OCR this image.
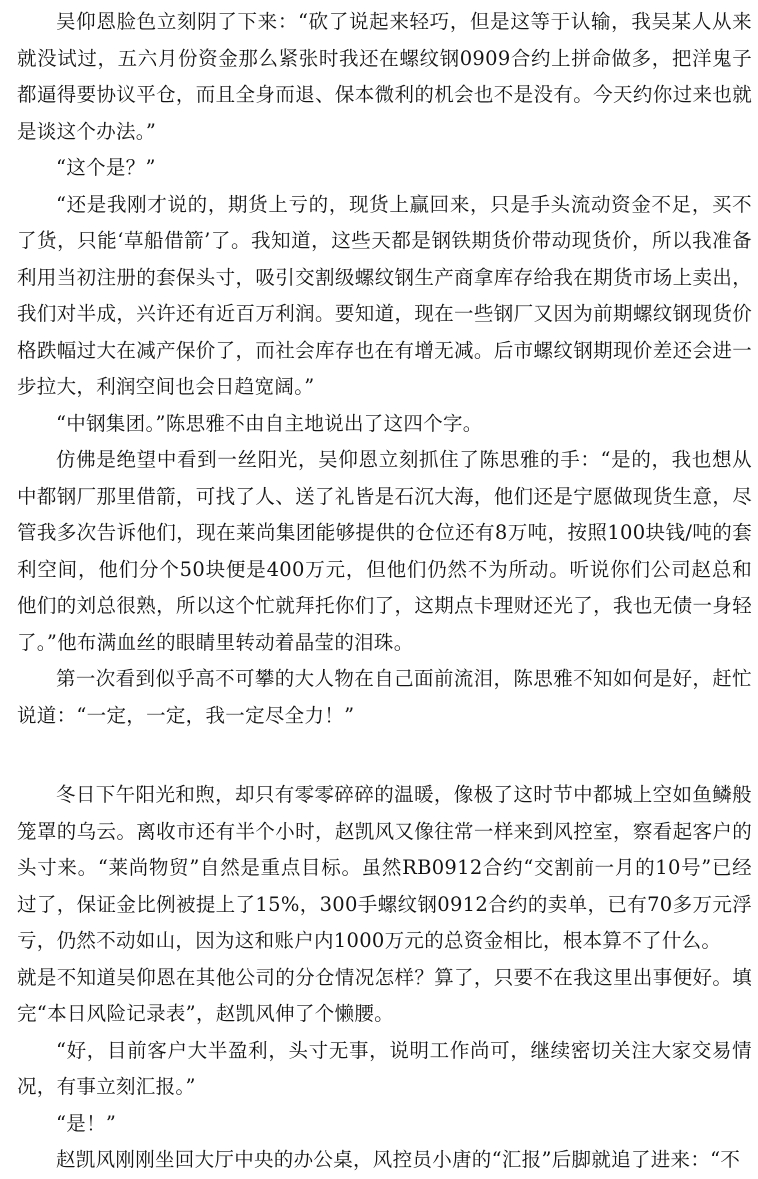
吴仰恩脸色立刻阴了下来：“砍了说起来轻巧，但是这等于认输，我吴某人从来就没试过，五六月份资金那么紧张时我还在螺纹钢0909合约上拼命做多，把洋鬼子都逼得要协议平仓，而且全身而退、保本微利的机会也不是没有。今天约你过来也就是谈这个办法。”

“这个是？”

“还是我刚才说的，期货上亏的，现货上赢回来，只是手头流动资金不足，买不了货，只能‘草船借箭’了。我知道，这些天都是钢铁期货价带动现货价，所以我准备利用当初注册的套保头寸，吸引交割级螺纹钢生产商拿库存给我在期货市场上卖出，我们对半成，兴许还有近百万利润。要知道，现在一些钢厂又因为前期螺纹钢现货价格跌幅过大在减产保价了，而社会库存也在有增无减。后市螺纹钢期现价差还会进一步拉大，利润空间也会日趋宽阔。”

“中钢集团。”陈思雅不由自主地说出了这四个字。

仿佛是绝望中看到一丝阳光，吴仰恩立刻抓住了陈思雅的手：“是的，我也想从中都钢厂那里借箭，可找了人、送了礼皆是石沉大海，他们还是宁愿做现货生意，尽管我多次告诉他们，现在莱尚集团能够提供的仓位还有8万吨，按照100块钱/吨的套利空间，他们分个50块便是400万元，但他们仍然不为所动。听说你们公司赵总和他们的刘总很熟，所以这个忙就拜托你们了，这期点卡理财还光了，我也无债一身轻了。”他布满血丝的眼睛里转动着晶莹的泪珠。

第一次看到似乎高不可攀的大人物在自己面前流泪，陈思雅不知如何是好，赶忙说道：“一定，一定，我一定尽全力！”

冬日下午阳光和煦，却只有零零碎碎的温暖，像极了这时节中都城上空如鱼鳞般笼罩的乌云。离收市还有半个小时，赵凯风又像往常一样来到风控室，察看起客户的头寸来。“莱尚物贸”自然是重点目标。虽然RB0912合约“交割前一月的10号”已经过了，保证金比例被提上了15%，300手螺纹钢0912合约的卖单，已有70多万元浮亏，仍然不动如山，因为这和账户内1000万元的总资金相比，根本算不了什么。

就是不知道吴仰恩在其他公司的分仓情况怎样？算了，只要不在我这里出事便好。填完“本日风险记录表”，赵凯风伸了个懒腰。

“好，目前客户大半盈利，头寸无事，说明工作尚可，继续密切关注大家交易情况，有事立刻汇报。”

“是！”

赵凯风刚刚坐回大厅中央的办公桌，风控员小唐的“汇报”后脚就追了进来：“不
